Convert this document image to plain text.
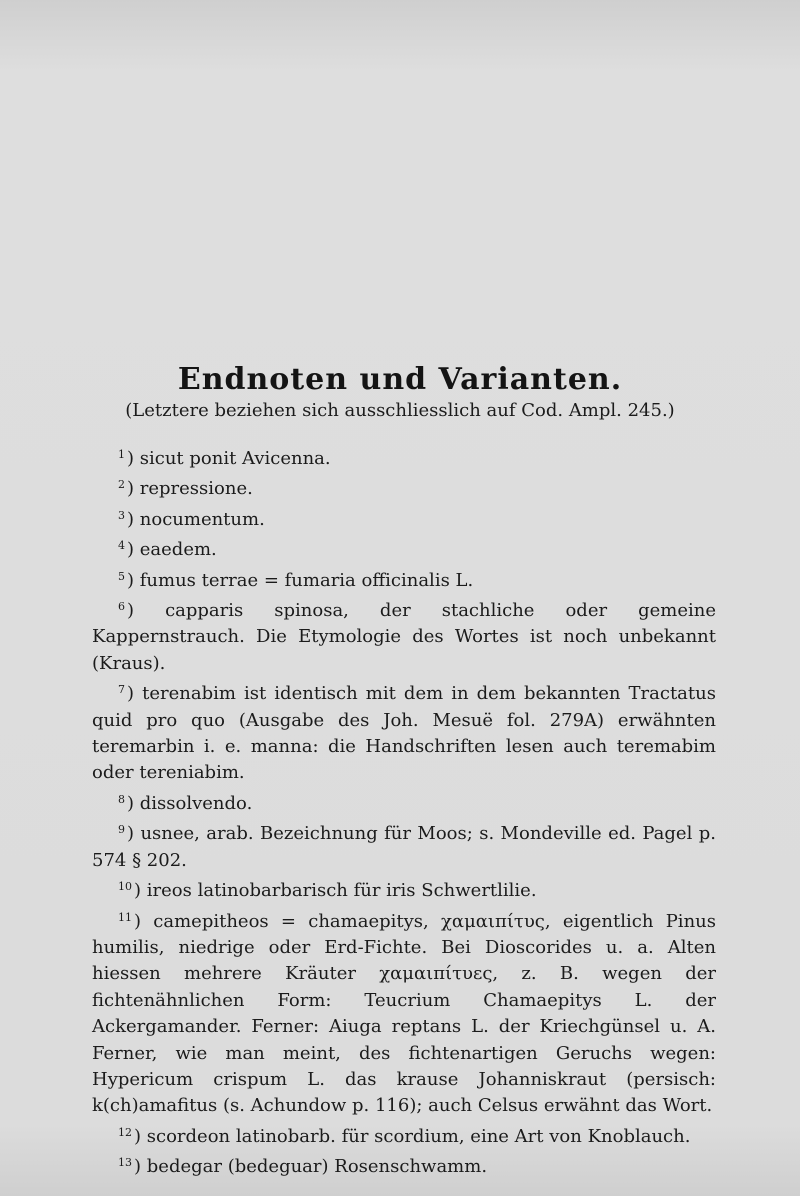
Endnoten und Varianten.
(Letztere beziehen sich ausschliesslich auf Cod. Ampl. 245.)
$^1$ ) sicut ponit Avicenna.
$^2$ ) repressione.
$^3$ ) nocumentum.
$^4$ ) eaedem.
$^5$ ) fumus terrae = fumaria officinalis L.
$^6$ ) capparis spinosa, der stachliche oder gemeine Kappernstrauch. Die Etymologie des Wortes ist noch unbekannt (Kraus).
$^7$ ) terenabim ist identisch mit dem in dem bekannten Tractatus quid pro quo (Ausgabe des Joh. Mesuë fol. 279A) erwähnten teremarbin i. e. manna: die Handschriften lesen auch teremabim oder tereniabim.
$^8$ ) dissolvendo.
$^9$ ) usnee, arab. Bezeichnung für Moos; s. Mondeville ed. Pagel p. 574 § 202.
$^{10}$ ) ireos latinobarbarisch für iris Schwertlilie.
$^{11}$ ) camepitheos = chamaepitys, χαμαιπίτυς, eigentlich Pinus humilis, niedrige oder Erd-Fichte. Bei Dioscorides u. a. Alten hiessen mehrere Kräuter χαμαιπίτυες, z. B. wegen der fichtenähnlichen Form: Teucrium Chamaepitys L. der Ackergamander. Ferner: Aiuga reptans L. der Kriechgünsel u. A. Ferner, wie man meint, des fichtenartigen Geruchs wegen: Hypericum crispum L. das krause Johanniskraut (persisch: k(ch)amafitus (s. Achundow p. 116); auch Celsus erwähnt das Wort.
$^{12}$ ) scordeon latinobarb. für scordium, eine Art von Knoblauch.
$^{13}$ ) bedegar (bedeguar) Rosenschwamm.
